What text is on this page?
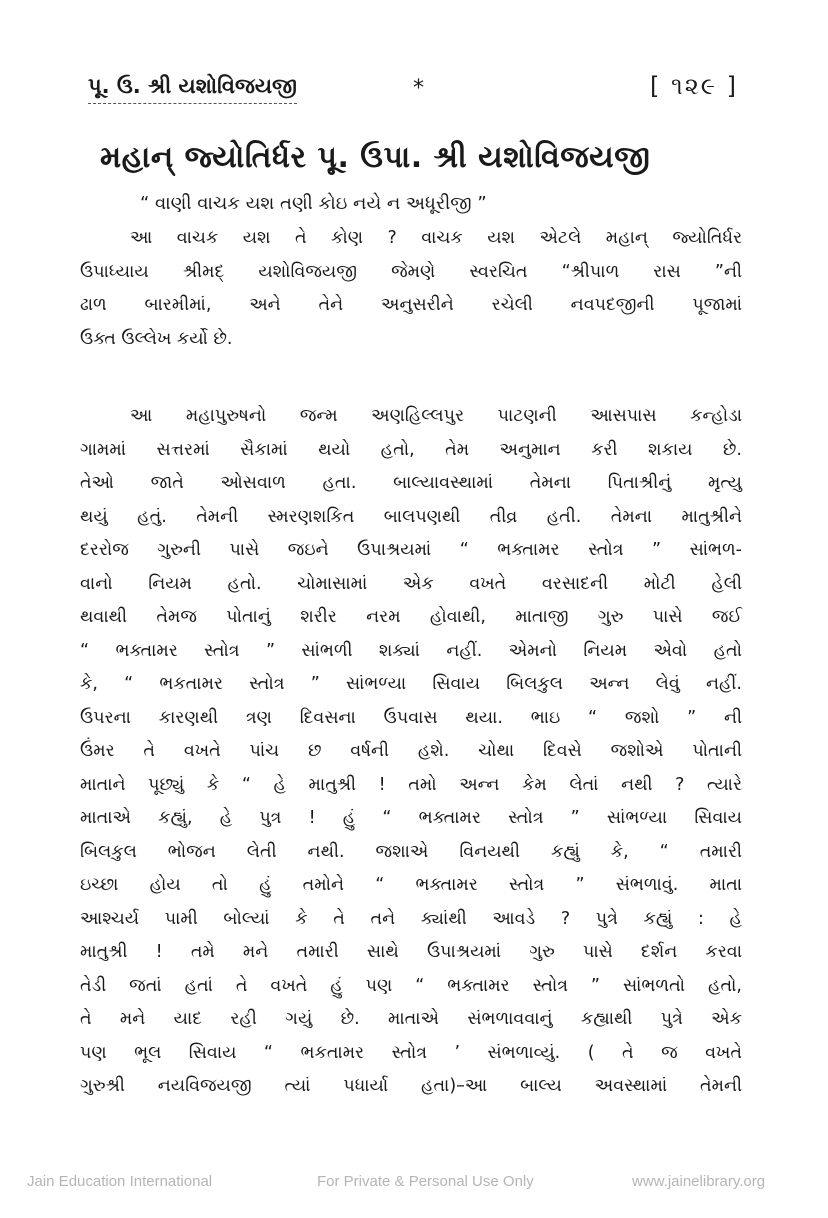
પૂ. ઉ. શ્રી યશોવિજયજી	*	[ ૧૨૯ ]
મહાન્ જ્યોતિર્ધર પૂ. ઉપા. શ્રી યશોવિજયજી
“ વાણી વાચક યશ તણી કોઇ નયે ન અધૂરીજી ”
આ વાચક યશ તે કોણ ? વાચક યશ એટલે મહાન્ જ્યોતિર્ધર
ઉપાધ્યાય શ્રીમદ્ યશોવિજયજી જેમણે સ્વરચિત “શ્રીપાળ રાસ ”ની
ઢાળ બારમીમાં, અને તેને અનુસરીને રચેલી નવપદજીની પૂજામાં
ઉક્ત ઉલ્લેખ કર્યો છે.
આ મહાપુરુષનો જન્મ અણહિલ્લપુર પાટણની આસપાસ કન્હોડા
ગામમાં સત્તરમાં સૈકામાં થયો હતો, તેમ અનુમાન કરી શકાય છે.
તેઓ જાતે ઓસવાળ હતા. બાલ્યાવસ્થામાં તેમના પિતાશ્રીનું મૃત્યુ
થયું હતું. તેમની સ્મરણશકિત બાલપણથી તીવ્ર હતી. તેમના માતુશ્રીને
દરરોજ ગુરુની પાસે જઇને ઉપાશ્રયમાં “ ભક્તામર સ્તોત્ર ” સાંભળ-
વાનો નિયમ હતો. ચોમાસામાં એક વખતે વરસાદની મોટી હેલી
થવાથી તેમજ પોતાનું શરીર નરમ હોવાથી, માતાજી ગુરુ પાસે જઈ
“ ભક્તામર સ્તોત્ર ” સાંભળી શક્યાં નહીં. એમનો નિયમ એવો હતો
કે, “ ભકતામર સ્તોત્ર ” સાંભળ્યા સિવાય બિલકુલ અન્ન લેવું નહીં.
ઉપરના કારણથી ત્રણ દિવસના ઉપવાસ થયા. ભાઇ “ જશો ” ની
ઉંમર તે વખતે પાંચ છ વર્ષની હશે. ચોથા દિવસે જશોએ પોતાની
માતાને પૂછ્યું કે “ હે માતુશ્રી ! તમો અન્ન કેમ લેતાં નથી ? ત્યારે
માતાએ કહ્યું, હે પુત્ર ! હું “ ભક્તામર સ્તોત્ર ” સાંભળ્યા સિવાય
બિલકુલ ભોજન લેતી નથી. જશાએ વિનયથી કહ્યું કે, “ તમારી
ઇચ્છા હોય તો હું તમોને “ ભક્તામર સ્તોત્ર ” સંભળાવું. માતા
આશ્ચર્ય પામી બોલ્યાં કે તે તને ક્યાંથી આવડે ? પુત્રે કહ્યું : હે
માતુશ્રી ! તમે મને તમારી સાથે ઉપાશ્રયમાં ગુરુ પાસે દર્શન કરવા
તેડી જતાં હતાં તે વખતે હું પણ “ ભક્તામર સ્તોત્ર ” સાંભળતો હતો,
તે મને યાદ રહી ગયું છે. માતાએ સંભળાવવાનું કહ્યાથી પુત્રે એક
પણ ભૂલ સિવાય “ ભકતામર સ્તોત્ર ’ સંભળાવ્યું. ( તે જ વખતે
ગુરુશ્રી નયવિજયજી ત્યાં પધાર્યા હતા)–આ બાલ્ય અવસ્થામાં તેમની
Jain Education International	For Private & Personal Use Only	www.jainelibrary.org
